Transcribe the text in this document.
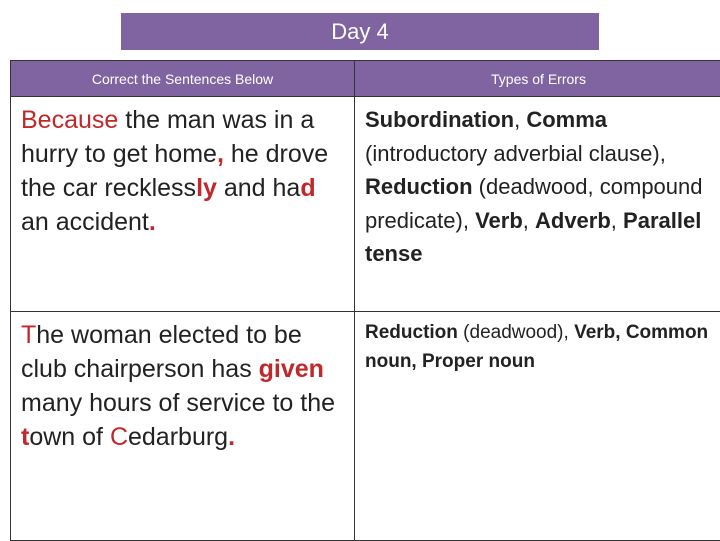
Day 4
Correct the Sentences Below	Types of Errors
Because the man was in a hurry to get home, he drove the car recklessly and had an accident.	Subordination, Comma (introductory adverbial clause), Reduction (deadwood, compound predicate), Verb, Adverb, Parallel tense
The woman elected to be club chairperson has given many hours of service to the town of Cedarburg.	Reduction (deadwood), Verb, Common noun, Proper noun
